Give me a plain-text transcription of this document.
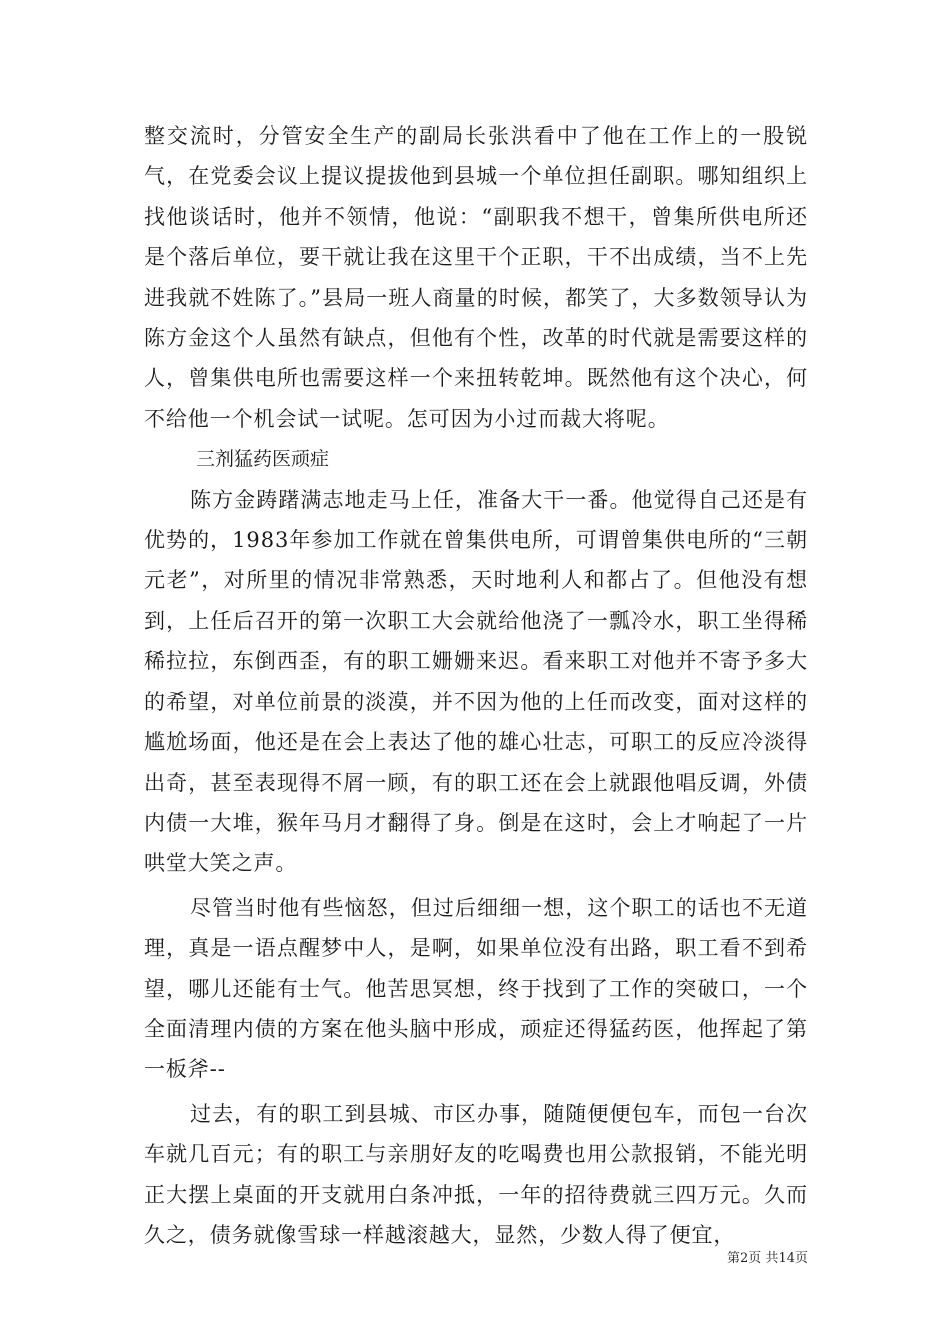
整交流时，分管安全生产的副局长张洪看中了他在工作上的一股锐气，在党委会议上提议提拔他到县城一个单位担任副职。哪知组织上找他谈话时，他并不领情，他说：“副职我不想干，曾集所供电所还是个落后单位，要干就让我在这里干个正职，干不出成绩，当不上先进我就不姓陈了。”县局一班人商量的时候，都笑了，大多数领导认为陈方金这个人虽然有缺点，但他有个性，改革的时代就是需要这样的人，曾集供电所也需要这样一个来扭转乾坤。既然他有这个决心，何不给他一个机会试一试呢。怎可因为小过而裁大将呢。

三剂猛药医顽症

陈方金踌躇满志地走马上任，准备大干一番。他觉得自己还是有优势的，1983年参加工作就在曾集供电所，可谓曾集供电所的“三朝元老”，对所里的情况非常熟悉，天时地利人和都占了。但他没有想到，上任后召开的第一次职工大会就给他浇了一瓢冷水，职工坐得稀稀拉拉，东倒西歪，有的职工姗姗来迟。看来职工对他并不寄予多大的希望，对单位前景的淡漠，并不因为他的上任而改变，面对这样的尴尬场面，他还是在会上表达了他的雄心壮志，可职工的反应冷淡得出奇，甚至表现得不屑一顾，有的职工还在会上就跟他唱反调，外债内债一大堆，猴年马月才翻得了身。倒是在这时，会上才响起了一片哄堂大笑之声。

尽管当时他有些恼怒，但过后细细一想，这个职工的话也不无道理，真是一语点醒梦中人，是啊，如果单位没有出路，职工看不到希望，哪儿还能有士气。他苦思冥想，终于找到了工作的突破口，一个全面清理内债的方案在他头脑中形成，顽症还得猛药医，他挥起了第一板斧--

过去，有的职工到县城、市区办事，随随便便包车，而包一台次车就几百元；有的职工与亲朋好友的吃喝费也用公款报销，不能光明正大摆上桌面的开支就用白条冲抵，一年的招待费就三四万元。久而久之，债务就像雪球一样越滚越大，显然，少数人得了便宜，

第2页 共14页
